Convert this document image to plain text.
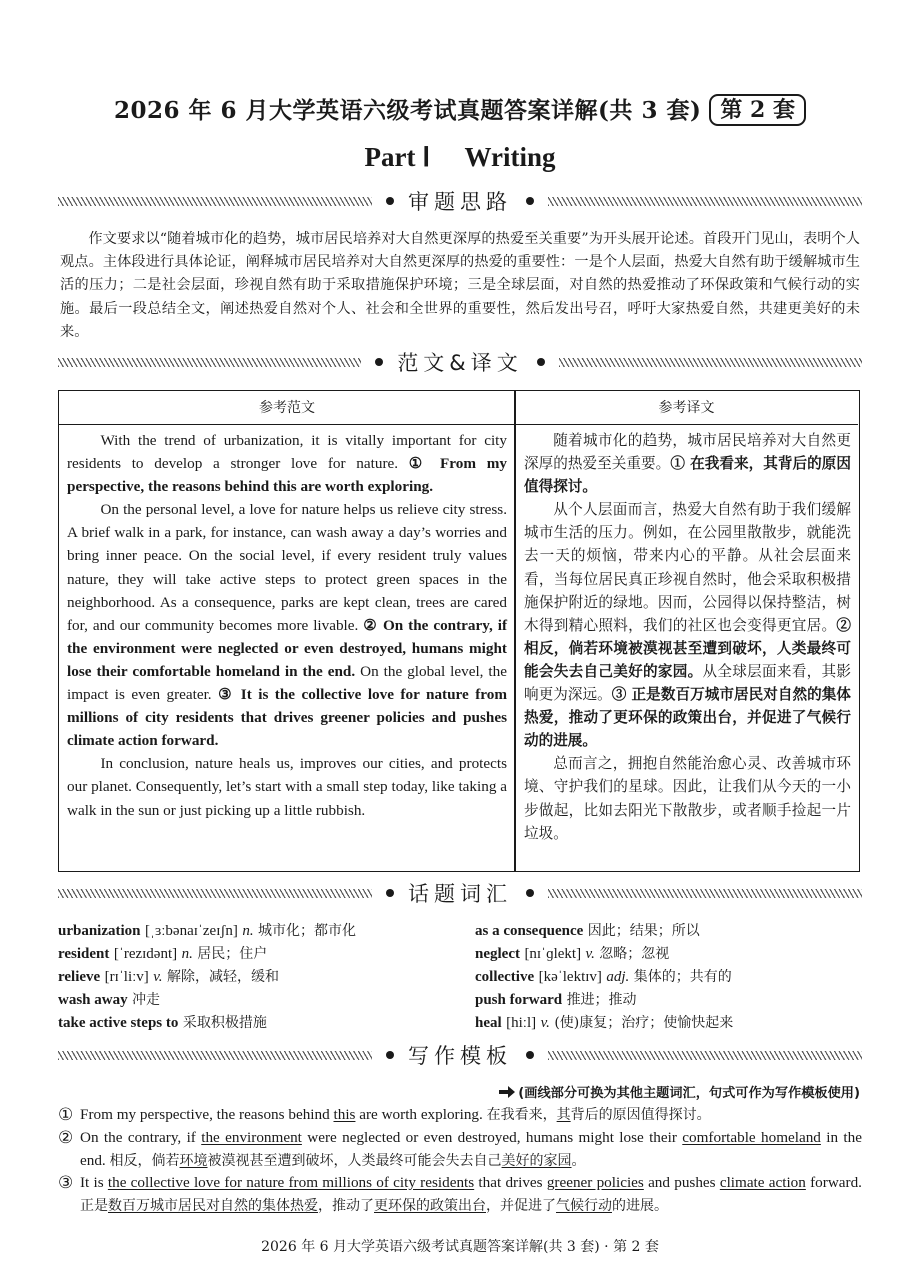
2026 年 6 月大学英语六级考试真题答案详解(共 3 套) 第 2 套
Part Ⅰ Writing
审题思路
作文要求以“随着城市化的趋势，城市居民培养对大自然更深厚的热爱至关重要”为开头展开论述。首段开门见山，表明个人观点。主体段进行具体论证，阐释城市居民培养对大自然更深厚的热爱的重要性：一是个人层面，热爱大自然有助于缓解城市生活的压力；二是社会层面，珍视自然有助于采取措施保护环境；三是全球层面，对自然的热爱推动了环保政策和气候行动的实施。最后一段总结全文，阐述热爱自然对个人、社会和全世界的重要性，然后发出号召，呼吁大家热爱自然，共建更美好的未来。
范文&译文
参考范文	参考译文

With the trend of urbanization, it is vitally important for city residents to develop a stronger love for nature. ① From my perspective, the reasons behind this are worth exploring.

On the personal level, a love for nature helps us relieve city stress. A brief walk in a park, for instance, can wash away a day’s worries and bring inner peace. On the social level, if every resident truly values nature, they will take active steps to protect green spaces in the neighborhood. As a consequence, parks are kept clean, trees are cared for, and our community becomes more livable. ② On the contrary, if the environment were neglected or even destroyed, humans might lose their comfortable homeland in the end. On the global level, the impact is even greater. ③ It is the collective love for nature from millions of city residents that drives greener policies and pushes climate action forward.

In conclusion, nature heals us, improves our cities, and protects our planet. Consequently, let’s start with a small step today, like taking a walk in the sun or just picking up a little rubbish.

随着城市化的趋势，城市居民培养对大自然更深厚的热爱至关重要。① 在我看来，其背后的原因值得探讨。

从个人层面而言，热爱大自然有助于我们缓解城市生活的压力。例如，在公园里散散步，就能洗去一天的烦恼，带来内心的平静。从社会层面来看，当每位居民真正珍视自然时，他会采取积极措施保护附近的绿地。因而，公园得以保持整洁，树木得到精心照料，我们的社区也会变得更宜居。② 相反，倘若环境被漠视甚至遭到破坏，人类最终可能会失去自己美好的家园。从全球层面来看，其影响更为深远。③ 正是数百万城市居民对自然的集体热爱，推动了更环保的政策出台，并促进了气候行动的进展。

总而言之，拥抱自然能治愈心灵、改善城市环境、守护我们的星球。因此，让我们从今天的一小步做起，比如去阳光下散散步，或者顺手捡起一片垃圾。

话题词汇
urbanization [ˌɜːbənaɪˈzeɪʃn] n. 城市化；都市化
resident [ˈrezɪdənt] n. 居民；住户
relieve [rɪˈliːv] v. 解除，减轻，缓和
wash away 冲走
take active steps to 采取积极措施
as a consequence 因此；结果；所以
neglect [nɪˈɡlekt] v. 忽略；忽视
collective [kəˈlektɪv] adj. 集体的；共有的
push forward 推进；推动
heal [hiːl] v. (使)康复；治疗；使愉快起来
写作模板
(画线部分可换为其他主题词汇，句式可作为写作模板使用)
① From my perspective, the reasons behind this are worth exploring. 在我看来，其背后的原因值得探讨。
② On the contrary, if the environment were neglected or even destroyed, humans might lose their comfortable homeland in the end. 相反，倘若环境被漠视甚至遭到破坏，人类最终可能会失去自己美好的家园。
③ It is the collective love for nature from millions of city residents that drives greener policies and pushes climate action forward. 正是数百万城市居民对自然的集体热爱，推动了更环保的政策出台，并促进了气候行动的进展。
2026 年 6 月大学英语六级考试真题答案详解(共 3 套) · 第 2 套
